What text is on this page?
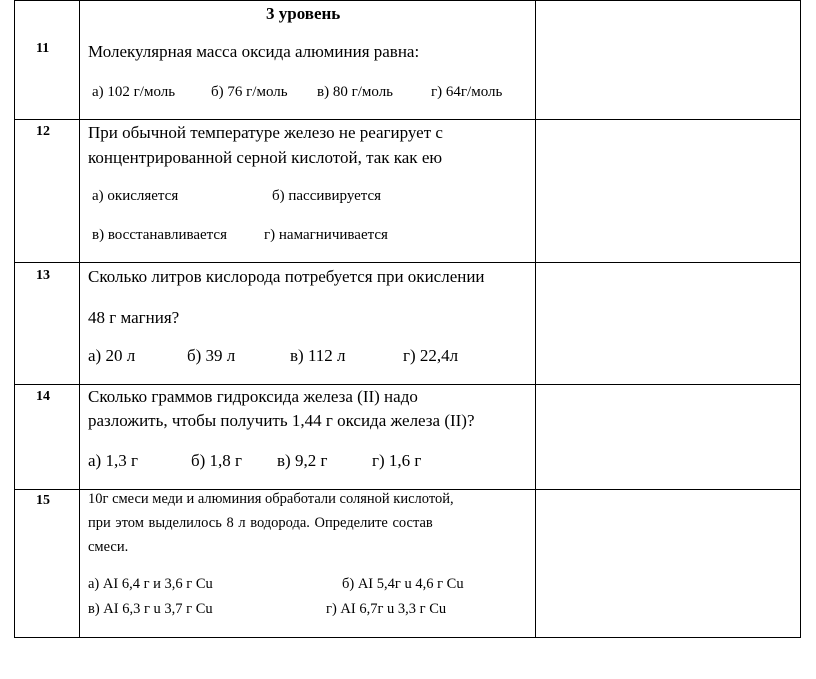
11
3 уровень
Молекулярная масса оксида алюминия равна:
а) 102 г/моль б) 76 г/моль в) 80 г/моль	г) 64г/моль
12 При обычной температуре железо не реагирует с
концентрированной серной кислотой, так как ею
а) окисляется	б) пассивируется
в) восстанавливается г) намагничивается
13 Сколько литров кислорода потребуется при окислении
48 г магния?
а) 20 л	б) 39 л	в) 112 л	г) 22,4л
14 Сколько граммов гидроксида железа (II) надо
разложить, чтобы получить 1,44 г оксида железа (II)?
а) 1,3 г	б) 1,8 г в) 9,2 г	г) 1,6 г
15	10г смеси меди и алюминия обработали соляной кислотой,
при этом выделилось 8 л водорода. Определите состав
смеси.
а) AI 6,4 г и 3,6 г Cu	б) AI 5,4г u 4,6 г Cu
в) AI 6,3 г u 3,7 г Cu	г) AI 6,7г u 3,3 г Cu
